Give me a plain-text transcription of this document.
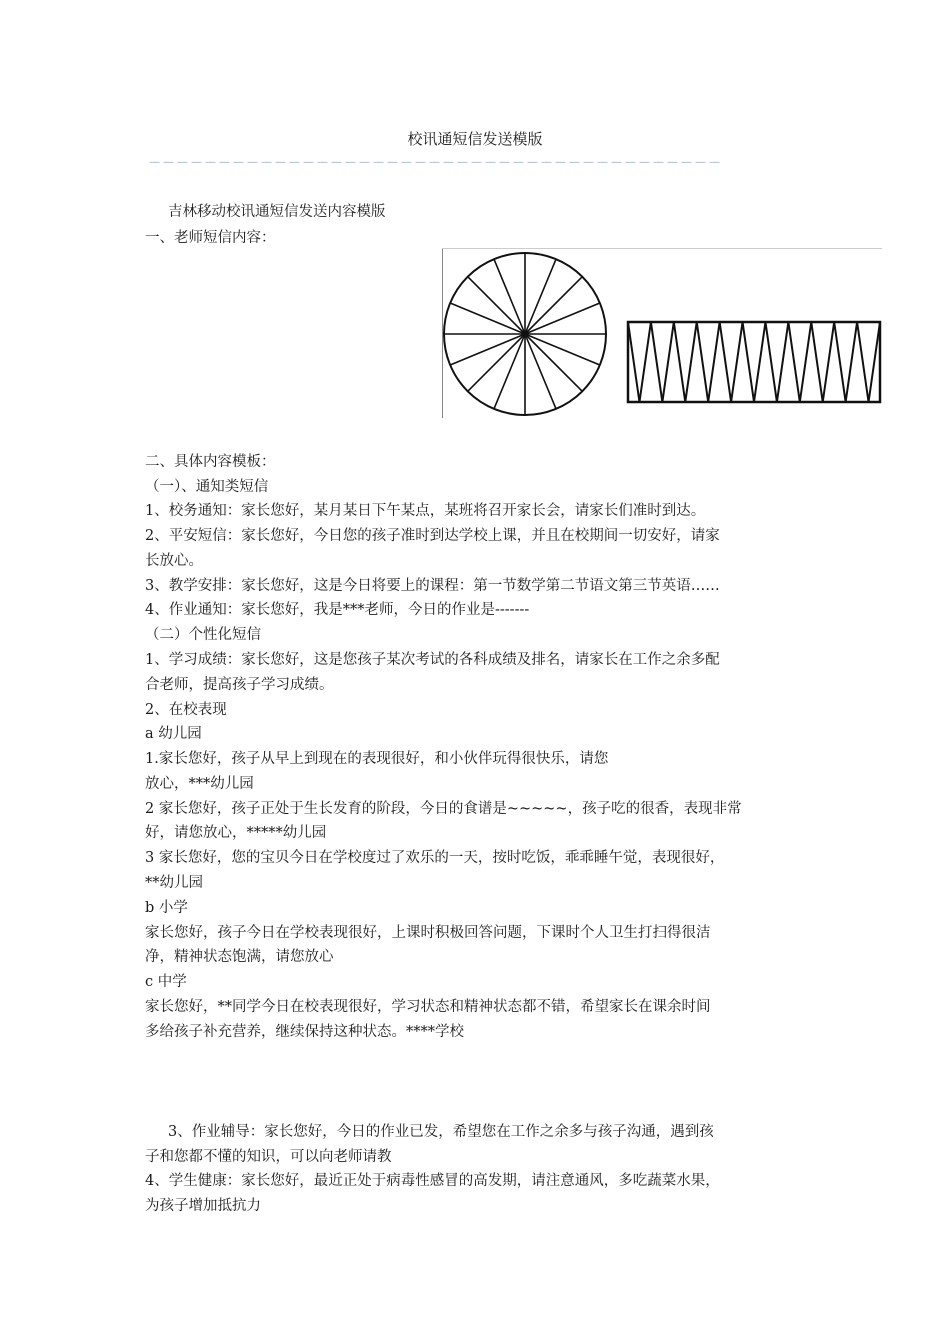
校讯通短信发送模版
－－－－－－－－－－－－－－－－－－－－－－－－－－－－－－－－－－－－－－－－－
吉林移动校讯通短信发送内容模版
一、老师短信内容：
二、具体内容模板：
（一）、通知类短信
1、校务通知：家长您好，某月某日下午某点，某班将召开家长会，请家长们准时到达。
2、平安短信：家长您好，今日您的孩子准时到达学校上课，并且在校期间一切安好，请家
长放心。
3、教学安排：家长您好，这是今日将要上的课程：第一节数学第二节语文第三节英语……
4、作业通知：家长您好，我是***老师，今日的作业是-------
（二）个性化短信
1、学习成绩：家长您好，这是您孩子某次考试的各科成绩及排名，请家长在工作之余多配
合老师，提高孩子学习成绩。
2、在校表现
a 幼儿园
1.家长您好，孩子从早上到现在的表现很好，和小伙伴玩得很快乐，请您
放心，***幼儿园
2 家长您好，孩子正处于生长发育的阶段，今日的食谱是~~~~~，孩子吃的很香，表现非常
好，请您放心，*****幼儿园
3 家长您好，您的宝贝今日在学校度过了欢乐的一天，按时吃饭，乖乖睡午觉，表现很好，
**幼儿园
b 小学
家长您好，孩子今日在学校表现很好，上课时积极回答问题，下课时个人卫生打扫得很洁
净，精神状态饱满，请您放心
c 中学
家长您好，**同学今日在校表现很好，学习状态和精神状态都不错，希望家长在课余时间
多给孩子补充营养，继续保持这种状态。****学校
3、作业辅导：家长您好，今日的作业已发，希望您在工作之余多与孩子沟通，遇到孩
子和您都不懂的知识，可以向老师请教
4、学生健康：家长您好，最近正处于病毒性感冒的高发期，请注意通风，多吃蔬菜水果，
为孩子增加抵抗力
